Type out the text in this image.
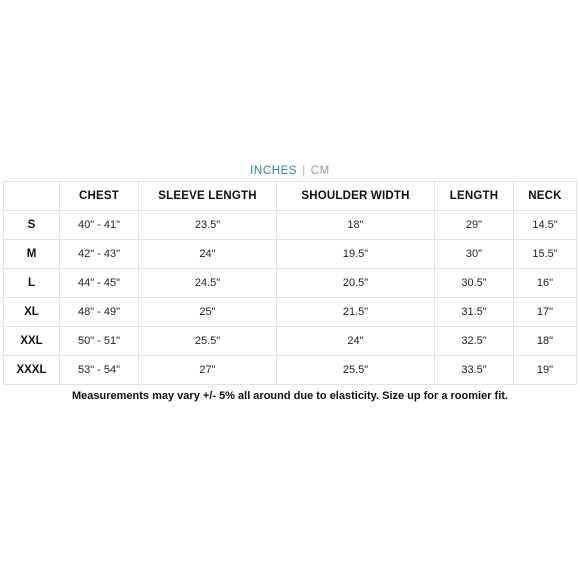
INCHES | CM
	CHEST	SLEEVE LENGTH	SHOULDER WIDTH	LENGTH	NECK
S	40" - 41"	23.5"	18"	29"	14.5"
M	42" - 43"	24"	19.5"	30"	15.5"
L	44" - 45"	24.5"	20.5"	30.5"	16"
XL	48" - 49"	25"	21.5"	31.5"	17"
XXL	50" - 51"	25.5"	24"	32.5"	18"
XXXL	53" - 54"	27"	25.5"	33.5"	19"
Measurements may vary +/- 5% all around due to elasticity. Size up for a roomier fit.
